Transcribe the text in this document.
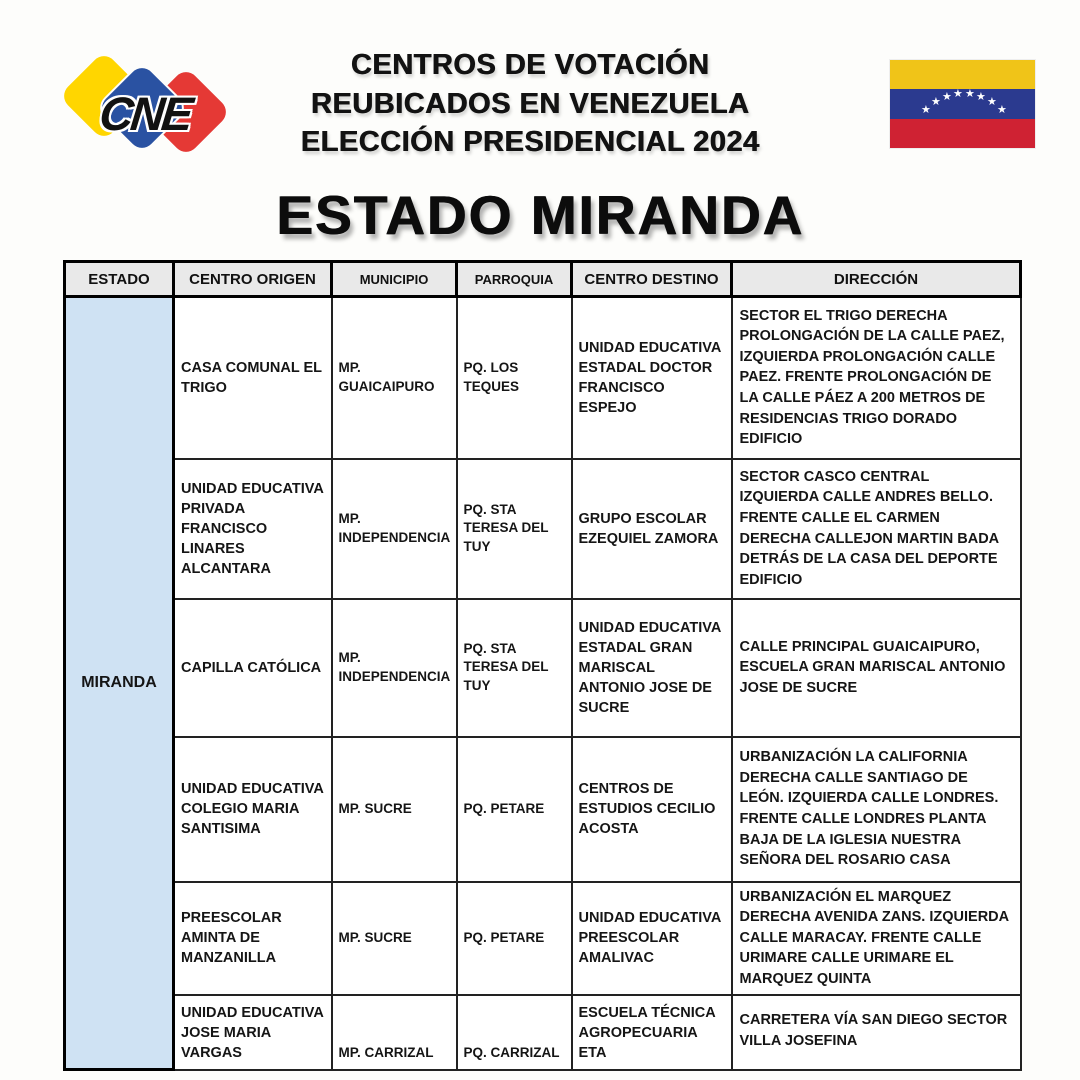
CNE
CENTROS DE VOTACIÓN
REUBICADOS EN VENEZUELA
ELECCIÓN PRESIDENCIAL 2024
★
★ ★ ★ ★ ★ ★
★
ESTADO MIRANDA
ESTADO	CENTRO ORIGEN	MUNICIPIO	PARROQUIA	CENTRO DESTINO	DIRECCIÓN
MIRANDA	CASA COMUNAL EL TRIGO	MP. GUAICAIPURO	PQ. LOS TEQUES	UNIDAD EDUCATIVA ESTADAL DOCTOR FRANCISCO ESPEJO	SECTOR EL TRIGO DERECHA PROLONGACIÓN DE LA CALLE PAEZ, IZQUIERDA PROLONGACIÓN CALLE PAEZ. FRENTE PROLONGACIÓN DE LA CALLE PÁEZ A 200 METROS DE RESIDENCIAS TRIGO DORADO EDIFICIO
	UNIDAD EDUCATIVA PRIVADA FRANCISCO LINARES ALCANTARA	MP. INDEPENDENCIA	PQ. STA TERESA DEL TUY	GRUPO ESCOLAR EZEQUIEL ZAMORA	SECTOR CASCO CENTRAL IZQUIERDA CALLE ANDRES BELLO. FRENTE CALLE EL CARMEN DERECHA CALLEJON MARTIN BADA DETRÁS DE LA CASA DEL DEPORTE EDIFICIO
	CAPILLA CATÓLICA	MP. INDEPENDENCIA	PQ. STA TERESA DEL TUY	UNIDAD EDUCATIVA ESTADAL GRAN MARISCAL ANTONIO JOSE DE SUCRE	CALLE PRINCIPAL GUAICAIPURO, ESCUELA GRAN MARISCAL ANTONIO JOSE DE SUCRE
	UNIDAD EDUCATIVA COLEGIO MARIA SANTISIMA	MP. SUCRE	PQ. PETARE	CENTROS DE ESTUDIOS CECILIO ACOSTA	URBANIZACIÓN LA CALIFORNIA DERECHA CALLE SANTIAGO DE LEÓN. IZQUIERDA CALLE LONDRES. FRENTE CALLE LONDRES PLANTA BAJA DE LA IGLESIA NUESTRA SEÑORA DEL ROSARIO CASA
	PREESCOLAR AMINTA DE MANZANILLA	MP. SUCRE	PQ. PETARE	UNIDAD EDUCATIVA PREESCOLAR AMALIVAC	URBANIZACIÓN EL MARQUEZ DERECHA AVENIDA ZANS. IZQUIERDA CALLE MARACAY. FRENTE CALLE URIMARE CALLE URIMARE EL MARQUEZ QUINTA
	UNIDAD EDUCATIVA JOSE MARIA VARGAS	MP. CARRIZAL	PQ. CARRIZAL	ESCUELA TÉCNICA AGROPECUARIA ETA	CARRETERA VÍA SAN DIEGO SECTOR VILLA JOSEFINA
